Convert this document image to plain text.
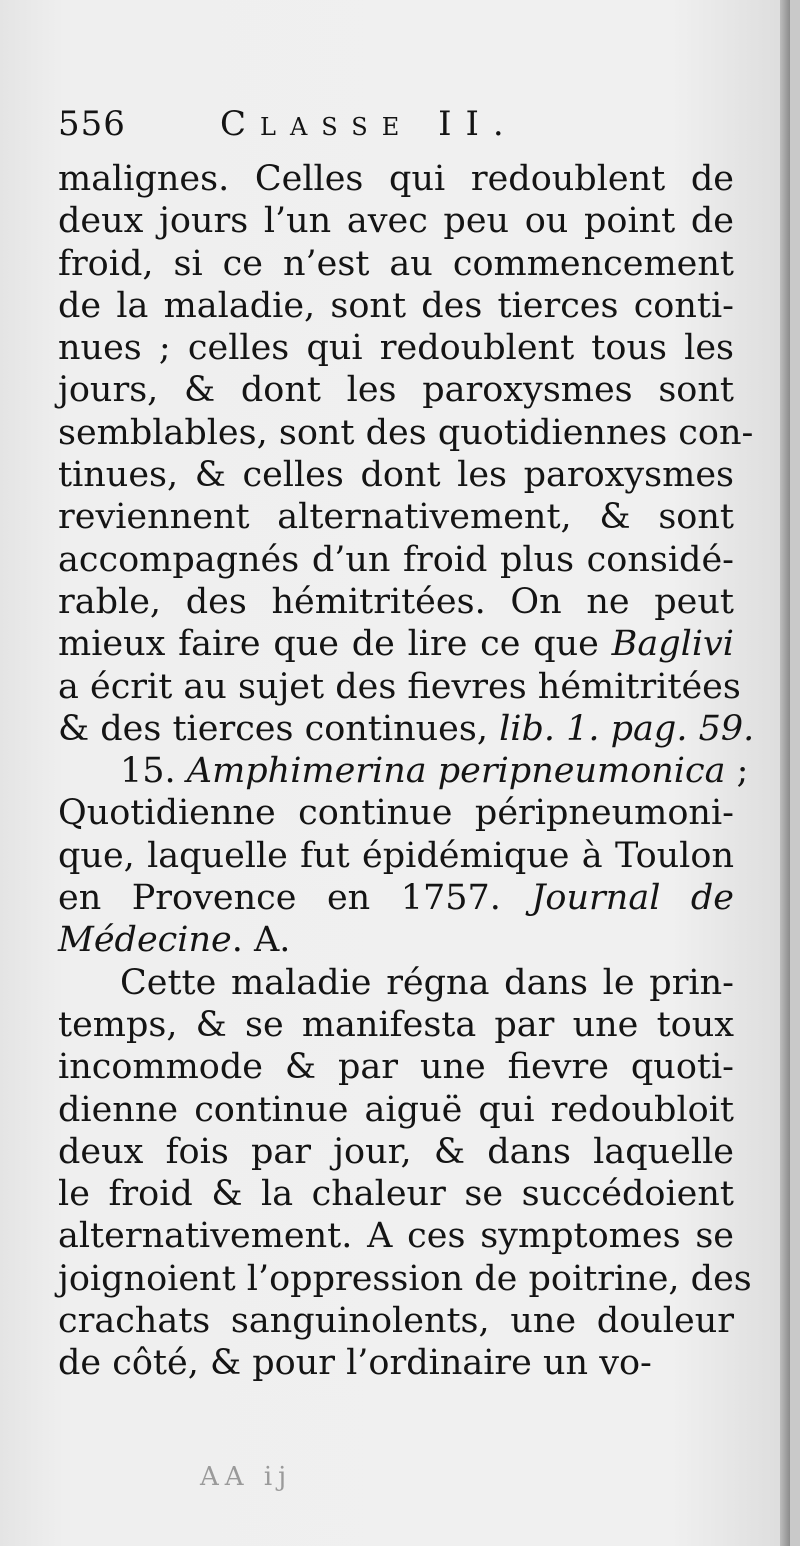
556	Classe II.
malignes. Celles qui redoublent de
deux jours l’un avec peu ou point de
froid, si ce n’est au commencement
de la maladie, sont des tierces conti-
nues ; celles qui redoublent tous les
jours, & dont les paroxysmes sont
semblables, sont des quotidiennes con-
tinues, & celles dont les paroxysmes
reviennent alternativement, & sont
accompagnés d’un froid plus considé-
rable, des hémitritées. On ne peut
mieux faire que de lire ce que Baglivi
a écrit au sujet des fievres hémitritées
& des tierces continues, lib. 1. pag. 59.
15. Amphimerina peripneumonica ;
Quotidienne continue péripneumoni-
que, laquelle fut épidémique à Toulon
en Provence en 1757. Journal de
Médecine. A.
Cette maladie régna dans le prin-
temps, & se manifesta par une toux
incommode & par une fievre quoti-
dienne continue aiguë qui redoubloit
deux fois par jour, & dans laquelle
le froid & la chaleur se succédoient
alternativement. A ces symptomes se
joignoient l’oppression de poitrine, des
crachats sanguinolents, une douleur
de côté, & pour l’ordinaire un vo-
AA ij
